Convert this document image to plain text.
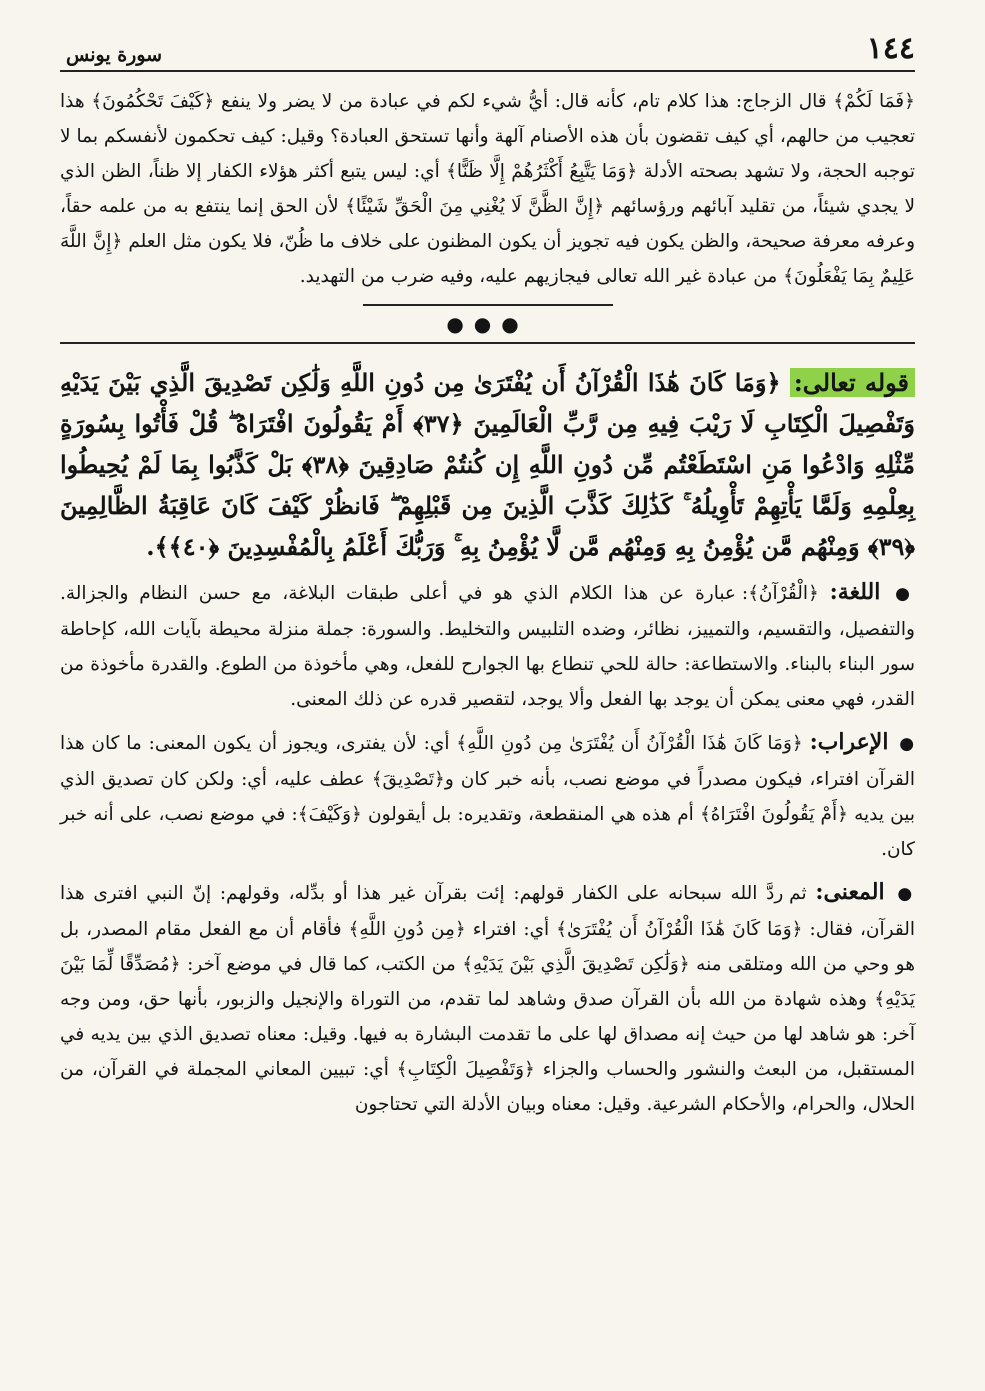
١٤٤
سورة يونس

﴿فَمَا لَكُمْ﴾ قال الزجاج: هذا كلام تام، كأنه قال: أيُّ شيء لكم في عبادة من لا يضر ولا ينفع ﴿كَيْفَ تَحْكُمُونَ﴾ هذا تعجيب من حالهم، أي كيف تقضون بأن هذه الأصنام آلهة وأنها تستحق العبادة؟ وقيل: كيف تحكمون لأنفسكم بما لا توجبه الحجة، ولا تشهد بصحته الأدلة ﴿وَمَا يَتَّبِعُ أَكْثَرُهُمْ إِلَّا ظَنًّا﴾ أي: ليس يتبع أكثر هؤلاء الكفار إلا ظناً، الظن الذي لا يجدي شيئاً، من تقليد آبائهم ورؤسائهم ﴿إِنَّ الظَّنَّ لَا يُغْنِي مِنَ الْحَقِّ شَيْئًا﴾ لأن الحق إنما ينتفع به من علمه حقاً، وعرفه معرفة صحيحة، والظن يكون فيه تجويز أن يكون المظنون على خلاف ما ظُنّ، فلا يكون مثل العلم ﴿إِنَّ اللَّهَ عَلِيمٌ بِمَا يَفْعَلُونَ﴾ من عبادة غير الله تعالى فيجازيهم عليه، وفيه ضرب من التهديد.

●●●

قوله تعالى: ﴿وَمَا كَانَ هَٰذَا الْقُرْآنُ أَن يُفْتَرَىٰ مِن دُونِ اللَّهِ وَلَٰكِن تَصْدِيقَ الَّذِي بَيْنَ يَدَيْهِ وَتَفْصِيلَ الْكِتَابِ لَا رَيْبَ فِيهِ مِن رَّبِّ الْعَالَمِينَ ﴿٣٧﴾ أَمْ يَقُولُونَ افْتَرَاهُ ۖ قُلْ فَأْتُوا بِسُورَةٍ مِّثْلِهِ وَادْعُوا مَنِ اسْتَطَعْتُم مِّن دُونِ اللَّهِ إِن كُنتُمْ صَادِقِينَ ﴿٣٨﴾ بَلْ كَذَّبُوا بِمَا لَمْ يُحِيطُوا بِعِلْمِهِ وَلَمَّا يَأْتِهِمْ تَأْوِيلُهُ ۚ كَذَٰلِكَ كَذَّبَ الَّذِينَ مِن قَبْلِهِمْ ۖ فَانظُرْ كَيْفَ كَانَ عَاقِبَةُ الظَّالِمِينَ ﴿٣٩﴾ وَمِنْهُم مَّن يُؤْمِنُ بِهِ وَمِنْهُم مَّن لَّا يُؤْمِنُ بِهِ ۚ وَرَبُّكَ أَعْلَمُ بِالْمُفْسِدِينَ ﴿٤٠﴾﴾.

● اللغة: ﴿الْقُرْآنُ﴾: عبارة عن هذا الكلام الذي هو في أعلى طبقات البلاغة، مع حسن النظام والجزالة. والتفصيل، والتقسيم، والتمييز، نظائر، وضده التلبيس والتخليط. والسورة: جملة منزلة محيطة بآيات الله، كإحاطة سور البناء بالبناء. والاستطاعة: حالة للحي تنطاع بها الجوارح للفعل، وهي مأخوذة من الطوع. والقدرة مأخوذة من القدر، فهي معنى يمكن أن يوجد بها الفعل وألا يوجد، لتقصير قدره عن ذلك المعنى.

● الإعراب: ﴿وَمَا كَانَ هَٰذَا الْقُرْآنُ أَن يُفْتَرَىٰ مِن دُونِ اللَّهِ﴾ أي: لأن يفترى، ويجوز أن يكون المعنى: ما كان هذا القرآن افتراء، فيكون مصدراً في موضع نصب، بأنه خبر كان و﴿تَصْدِيقَ﴾ عطف عليه، أي: ولكن كان تصديق الذي بين يديه ﴿أَمْ يَقُولُونَ افْتَرَاهُ﴾ أم هذه هي المنقطعة، وتقديره: بل أيقولون ﴿وَكَيْفَ﴾: في موضع نصب، على أنه خبر كان.

● المعنى: ثم ردَّ الله سبحانه على الكفار قولهم: إئت بقرآن غير هذا أو بدِّله، وقولهم: إنّ النبي افترى هذا القرآن، فقال: ﴿وَمَا كَانَ هَٰذَا الْقُرْآنُ أَن يُفْتَرَىٰ﴾ أي: افتراء ﴿مِن دُونِ اللَّهِ﴾ فأقام أن مع الفعل مقام المصدر، بل هو وحي من الله ومتلقى منه ﴿وَلَٰكِن تَصْدِيقَ الَّذِي بَيْنَ يَدَيْهِ﴾ من الكتب، كما قال في موضع آخر: ﴿مُصَدِّقًا لِّمَا بَيْنَ يَدَيْهِ﴾ وهذه شهادة من الله بأن القرآن صدق وشاهد لما تقدم، من التوراة والإنجيل والزبور، بأنها حق، ومن وجه آخر: هو شاهد لها من حيث إنه مصداق لها على ما تقدمت البشارة به فيها. وقيل: معناه تصديق الذي بين يديه في المستقبل، من البعث والنشور والحساب والجزاء ﴿وَتَفْصِيلَ الْكِتَابِ﴾ أي: تبيين المعاني المجملة في القرآن، من الحلال، والحرام، والأحكام الشرعية. وقيل: معناه وبيان الأدلة التي تحتاجون
